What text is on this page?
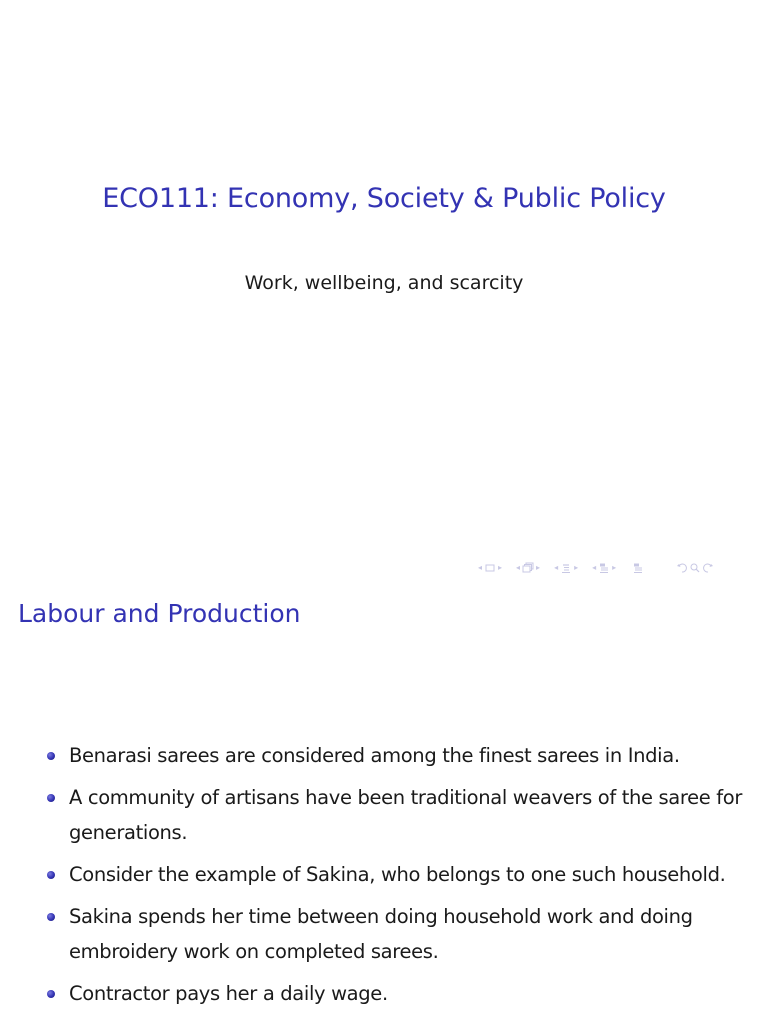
ECO111: Economy, Society & Public Policy
Work, wellbeing, and scarcity
◂ ▸ ◂ ▸ ◂ ▸ ◂ ▸
Labour and Production
Benarasi sarees are considered among the finest sarees in India.
A community of artisans have been traditional weavers of the saree for generations.
Consider the example of Sakina, who belongs to one such household.
Sakina spends her time between doing household work and doing embroidery work on completed sarees.
Contractor pays her a daily wage.
